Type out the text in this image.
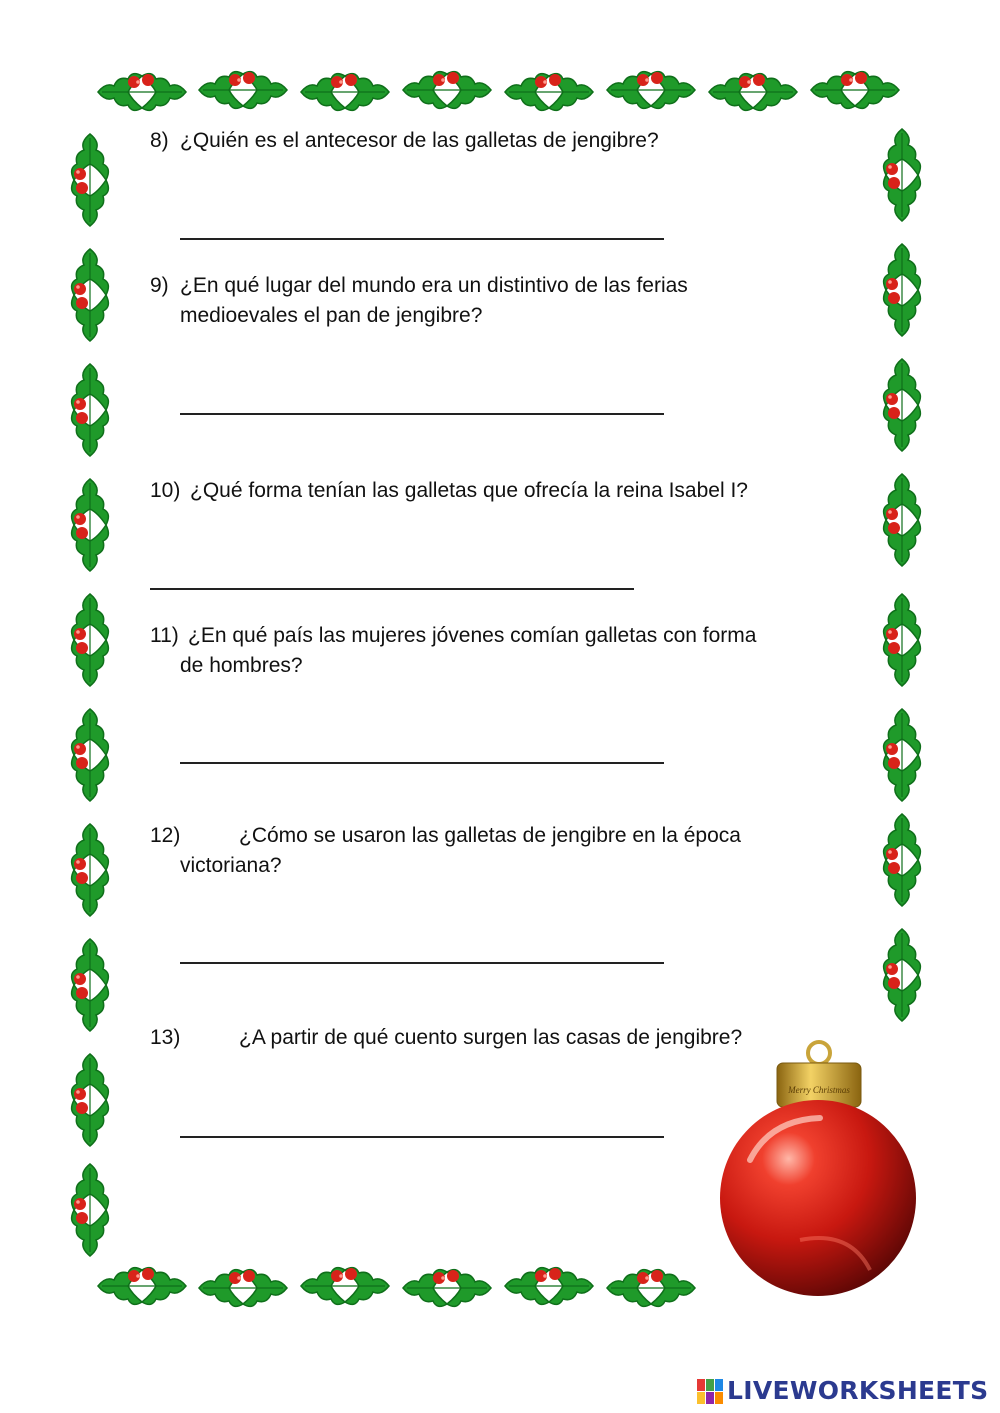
Merry Christmas
8) ¿Quién es el antecesor de las galletas de jengibre?
9) ¿En qué lugar del mundo era un distintivo de las ferias
medioevales el pan de jengibre?
10) ¿Qué forma tenían las galletas que ofrecía la reina Isabel I?
11) ¿En qué país las mujeres jóvenes comían galletas con forma
de hombres?
12)	¿Cómo se usaron las galletas de jengibre en la época
victoriana?
13)	¿A partir de qué cuento surgen las casas de jengibre?
LIVEWORKSHEETS
